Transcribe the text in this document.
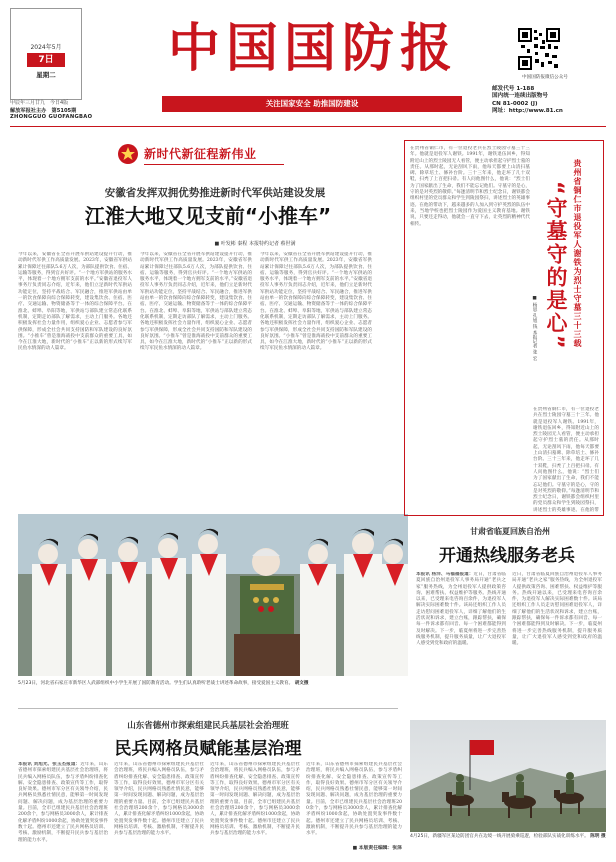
2024年5月
7日
星期二
甲辰年三月廿九　 今日4版
解放军报社主办　 第5105期
ZHONGGUO GUOFANGBAO
中国国防报
关注国家安全 助推国防建设
中国国防报微信公众号
邮发代号 1-188
国内统一连续出版物号
CN 81-0002 (J)
网址：http://www.81.cn
新时代新征程新伟业
安徽省发挥双拥优势推进新时代军供站建设发展
江淮大地又见支前“小推车”
■ 叶发彬 秦程 本报特约记者 蔡世满
今年以来，安徽省在全省开展军供站建设提升行动，推动新时代军供工作高质量发展。2023年，安徽省军供站累计保障过往部队5.6万人次，为部队提供饮食、住宿、运输等服务，得到官兵好评。“一个地方军供站的服务水平，体现着一个地方拥军支前的水平。”安徽省退役军人事务厅负责同志介绍，近年来，他们立足新时代军供站功能定位，坚持平战结合、军民融合，推进军供站由单一的饮食保障向综合保障转变，建设集饮食、住宿、医疗、交通运输、物资储备等于一体的综合保障平台。在淮北、蚌埠、阜阳等地，军供站与部队建立常态化联系机制，定期走访部队了解需求，主动上门服务。各地还积极发挥社会力量作用，组织爱心企业、志愿者参与军供保障，形成全社会共同支持国防和军队建设的良好氛围。“小推车”曾是淮海战役中支前群众的重要工具，如今在江淮大地，新时代的“小推车”正以新的形式续写军民鱼水情深的动人篇章。
今年以来，安徽省在全省开展军供站建设提升行动，推动新时代军供工作高质量发展。2023年，安徽省军供站累计保障过往部队5.6万人次，为部队提供饮食、住宿、运输等服务，得到官兵好评。“一个地方军供站的服务水平，体现着一个地方拥军支前的水平。”安徽省退役军人事务厅负责同志介绍，近年来，他们立足新时代军供站功能定位，坚持平战结合、军民融合，推进军供站由单一的饮食保障向综合保障转变，建设集饮食、住宿、医疗、交通运输、物资储备等于一体的综合保障平台。在淮北、蚌埠、阜阳等地，军供站与部队建立常态化联系机制，定期走访部队了解需求，主动上门服务。各地还积极发挥社会力量作用，组织爱心企业、志愿者参与军供保障，形成全社会共同支持国防和军队建设的良好氛围。“小推车”曾是淮海战役中支前群众的重要工具，如今在江淮大地，新时代的“小推车”正以新的形式续写军民鱼水情深的动人篇章。
今年以来，安徽省在全省开展军供站建设提升行动，推动新时代军供工作高质量发展。2023年，安徽省军供站累计保障过往部队5.6万人次，为部队提供饮食、住宿、运输等服务，得到官兵好评。“一个地方军供站的服务水平，体现着一个地方拥军支前的水平。”安徽省退役军人事务厅负责同志介绍，近年来，他们立足新时代军供站功能定位，坚持平战结合、军民融合，推进军供站由单一的饮食保障向综合保障转变，建设集饮食、住宿、医疗、交通运输、物资储备等于一体的综合保障平台。在淮北、蚌埠、阜阳等地，军供站与部队建立常态化联系机制，定期走访部队了解需求，主动上门服务。各地还积极发挥社会力量作用，组织爱心企业、志愿者参与军供保障，形成全社会共同支持国防和军队建设的良好氛围。“小推车”曾是淮海战役中支前群众的重要工具，如今在江淮大地，新时代的“小推车”正以新的形式续写军民鱼水情深的动人篇章。
5月23日，河北省石家庄市新华区人武部组织中小学生开展了国防教育活动。学生们认真聆听老战士讲述革命故事，接受爱国主义教育。 胡文摄
在贵州省铜仁市，有一位退役老兵在烈士陵园守墓三十三年。他就是退役军人谢铁。1991年，谢铁退伍回乡，得知附近山上的烈士陵园无人看管，便主动承担起守护烈士墓的责任。从那时起，无论刮风下雨，他每天都要上山清扫墓碑、除草培土、修补台阶。三十三年来，他走坏了几十双鞋，扫秃了上百把扫帚。有人问他图什么，他说：“烈士们为了国家献出了生命，我们不能忘记他们。守墓守的是心，守的是对英烈的敬仰。”每逢清明节和烈士纪念日，谢铁都会组织村里的党员群众和学生到陵园祭扫，讲述烈士的英雄事迹。在他的带动下，越来越多的人加入到守护英烈的队伍中来，当地学校也把烈士陵园作为爱国主义教育基地。谢铁说，只要还走得动，他就会一直守下去，让英烈的精神代代相传。	贵州省铜仁市退役军人谢铁为烈士守墓三十三载
“守墓守的是心”
■ 杨思 孔旭 钱 本报记者 张 宏
在贵州省铜仁市，有一位退役老兵在烈士陵园守墓三十三年。他就是退役军人谢铁。1991年，谢铁退伍回乡，得知附近山上的烈士陵园无人看管，便主动承担起守护烈士墓的责任。从那时起，无论刮风下雨，他每天都要上山清扫墓碑、除草培土、修补台阶。三十三年来，他走坏了几十双鞋，扫秃了上百把扫帚。有人问他图什么，他说：“烈士们为了国家献出了生命，我们不能忘记他们。守墓守的是心，守的是对英烈的敬仰。”每逢清明节和烈士纪念日，谢铁都会组织村里的党员群众和学生到陵园祭扫，讲述烈士的英雄事迹。在他的带
甘肃省临夏回族自治州
开通热线服务老兵
本报讯 杨洋、马福福报道：近日，甘肃省临夏回族自治州退役军人事务局开通“老兵之家”服务热线，为全州退役军人提供政策咨询、困难帮扶、权益维护等服务。热线开通以来，已受理来电咨询百余件，为退役军人解决实际困难数十件。该局还组织工作人员走访慰问困难退役军人，详细了解他们的生活状况和诉求，建立台账，跟踪帮扶，确保每一件诉求都有回音、每一个困难都能得到及时解决。下一步，临夏州将进一步完善热线服务机制，提升服务质量，让广大退役军人感受到党和政府的温暖。
近日，甘肃省临夏回族自治州退役军人事务局开通“老兵之家”服务热线，为全州退役军人提供政策咨询、困难帮扶、权益维护等服务。热线开通以来，已受理来电咨询百余件，为退役军人解决实际困难数十件。该局还组织工作人员走访慰问困难退役军人，详细了解他们的生活状况和诉求，建立台账，跟踪帮扶，确保每一件诉求都有回音、每一个困难都能得到及时解决。下一步，临夏州将进一步完善热线服务机制，提升服务质量，让广大退役军人感受到党和政府的温暖。
山东省德州市探索组建民兵基层社会治理班
民兵网格员赋能基层治理
本报讯 刘旭光、张玉杰报道：近年来，山东省德州市探索组建民兵基层社会治理班，将民兵编入网格员队伍，参与矛盾纠纷排查化解、安全隐患排查、政策宣传等工作，取得良好效果。德州市军分区有关领导介绍，民兵网格员熟悉社情民意，能够第一时间发现问题、解决问题，成为基层治理的重要力量。目前，全市已组建民兵基层社会治理班200余个，参与网格员3000余人，累计排查化解矛盾纠纷1000余起，协助处置突发事件数十起。德州市还建立了民兵网格员培训、考核、激励机制，不断提升民兵参与基层治理的能力水平。
近年来，山东省德州市探索组建民兵基层社会治理班，将民兵编入网格员队伍，参与矛盾纠纷排查化解、安全隐患排查、政策宣传等工作，取得良好效果。德州市军分区有关领导介绍，民兵网格员熟悉社情民意，能够第一时间发现问题、解决问题，成为基层治理的重要力量。目前，全市已组建民兵基层社会治理班200余个，参与网格员3000余人，累计排查化解矛盾纠纷1000余起，协助处置突发事件数十起。德州市还建立了民兵网格员培训、考核、激励机制，不断提升民兵参与基层治理的能力水平。
近年来，山东省德州市探索组建民兵基层社会治理班，将民兵编入网格员队伍，参与矛盾纠纷排查化解、安全隐患排查、政策宣传等工作，取得良好效果。德州市军分区有关领导介绍，民兵网格员熟悉社情民意，能够第一时间发现问题、解决问题，成为基层治理的重要力量。目前，全市已组建民兵基层社会治理班200余个，参与网格员3000余人，累计排查化解矛盾纠纷1000余起，协助处置突发事件数十起。德州市还建立了民兵网格员培训、考核、激励机制，不断提升民兵参与基层治理的能力水平。
近年来，山东省德州市探索组建民兵基层社会治理班，将民兵编入网格员队伍，参与矛盾纠纷排查化解、安全隐患排查、政策宣传等工作，取得良好效果。德州市军分区有关领导介绍，民兵网格员熟悉社情民意，能够第一时间发现问题、解决问题，成为基层治理的重要力量。目前，全市已组建民兵基层社会治理班200余个，参与网格员3000余人，累计排查化解矛盾纠纷1000余起，协助处置突发事件数十起。德州市还建立了民兵网格员培训、考核、激励机制，不断提升民兵参与基层治理的能力水平。
■ 本版责任编辑：张泽
4月25日，新疆军区某边防团官兵在边境一线开展骑乘巡逻，检验部队实战化训练水平。 陈明 摄
